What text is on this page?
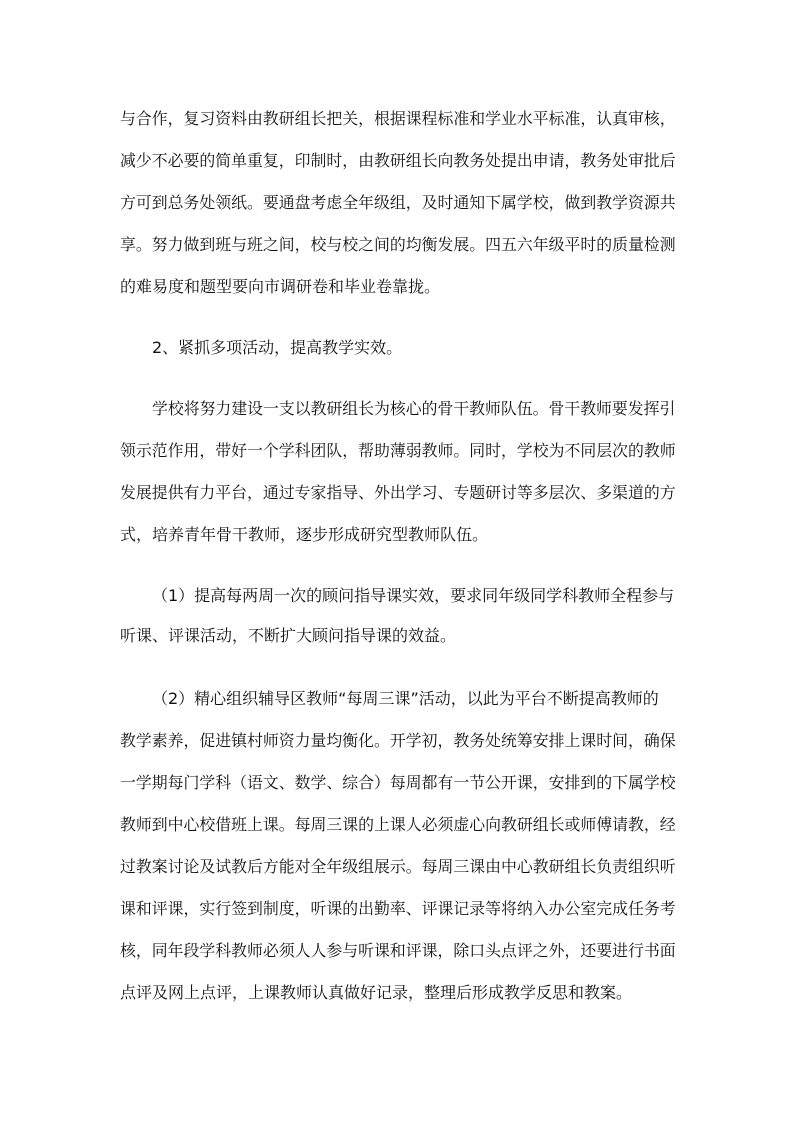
与合作，复习资料由教研组长把关，根据课程标准和学业水平标准，认真审核，
减少不必要的简单重复，印制时，由教研组长向教务处提出申请，教务处审批后
方可到总务处领纸。要通盘考虑全年级组，及时通知下属学校，做到教学资源共
享。努力做到班与班之间，校与校之间的均衡发展。四五六年级平时的质量检测
的难易度和题型要向市调研卷和毕业卷靠拢。
2、紧抓多项活动，提高教学实效。
学校将努力建设一支以教研组长为核心的骨干教师队伍。骨干教师要发挥引
领示范作用，带好一个学科团队，帮助薄弱教师。同时，学校为不同层次的教师
发展提供有力平台，通过专家指导、外出学习、专题研讨等多层次、多渠道的方
式，培养青年骨干教师，逐步形成研究型教师队伍。
（1）提高每两周一次的顾问指导课实效，要求同年级同学科教师全程参与
听课、评课活动，不断扩大顾问指导课的效益。
（2）精心组织辅导区教师“每周三课”活动，以此为平台不断提高教师的
教学素养，促进镇村师资力量均衡化。开学初，教务处统筹安排上课时间，确保
一学期每门学科（语文、数学、综合）每周都有一节公开课，安排到的下属学校
教师到中心校借班上课。每周三课的上课人必须虚心向教研组长或师傅请教，经
过教案讨论及试教后方能对全年级组展示。每周三课由中心教研组长负责组织听
课和评课，实行签到制度，听课的出勤率、评课记录等将纳入办公室完成任务考
核，同年段学科教师必须人人参与听课和评课，除口头点评之外，还要进行书面
点评及网上点评，上课教师认真做好记录，整理后形成教学反思和教案。
